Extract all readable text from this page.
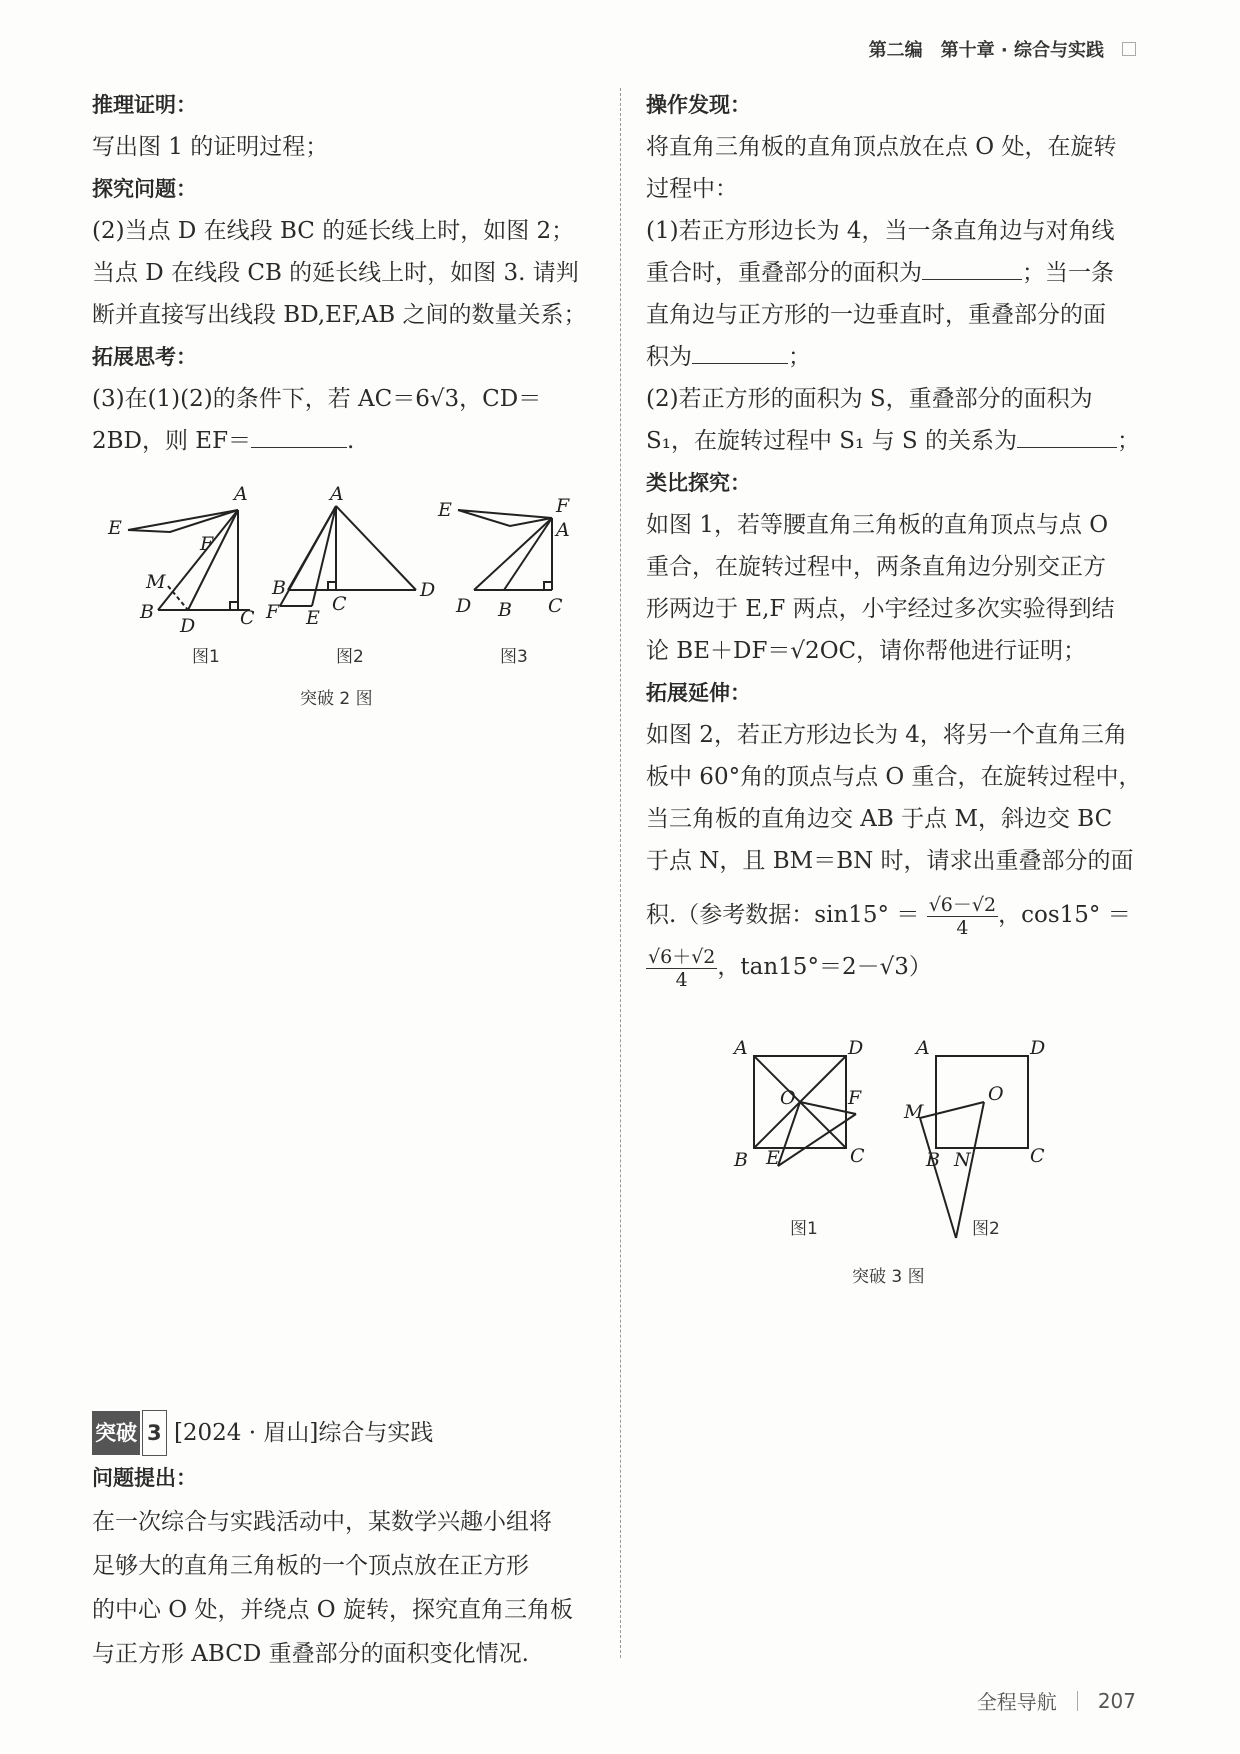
第二编 第十章 · 综合与实践

推理证明：

写出图 1 的证明过程；

探究问题：

(2)当点 D 在线段 BC 的延长线上时，如图 2；

当点 D 在线段 CB 的延长线上时，如图 3. 请判

断并直接写出线段 BD,EF,AB 之间的数量关系；

拓展思考：

(3)在(1)(2)的条件下，若 AC＝6√3，CD＝

2BD，则 EF＝	.

A
E
F
M
B
D C
A
B
C
D
F E
图1	图2
E	F
A
D B C
图3
突破 2 图

突破 3 [2024 · 眉山]综合与实践

问题提出：

在一次综合与实践活动中，某数学兴趣小组将

足够大的直角三角板的一个顶点放在正方形

的中心 O 处，并绕点 O 旋转，探究直角三角板

与正方形 ABCD 重叠部分的面积变化情况.

操作发现：

将直角三角板的直角顶点放在点 O 处，在旋转

过程中：

(1)若正方形边长为 4，当一条直角边与对角线

重合时，重叠部分的面积为	；当一条

直角边与正方形的一边垂直时，重叠部分的面

积为	；

(2)若正方形的面积为 S，重叠部分的面积为

S₁，在旋转过程中 S₁ 与 S 的关系为	；

类比探究：

如图 1，若等腰直角三角板的直角顶点与点 O

重合，在旋转过程中，两条直角边分别交正方

形两边于 E,F 两点，小宇经过多次实验得到结

论 BE＋DF＝√2OC，请你帮他进行证明；

拓展延伸：

如图 2，若正方形边长为 4，将另一个直角三角

板中 60°角的顶点与点 O 重合，在旋转过程中，

当三角板的直角边交 AB 于点 M，斜边交 BC

于点 N，且 BM＝BN 时，请求出重叠部分的面

积.（参考数据：$\sin 15^\circ = \frac{√6-√2}{4}$ ，cos15° ＝

$\frac{√6+√2}{4}$ ，tan15°＝2－√3）

A	D
O	F
B E	C
A	D
M
O
B N	C
图1	图2
突破 3 图
全程导航 207
